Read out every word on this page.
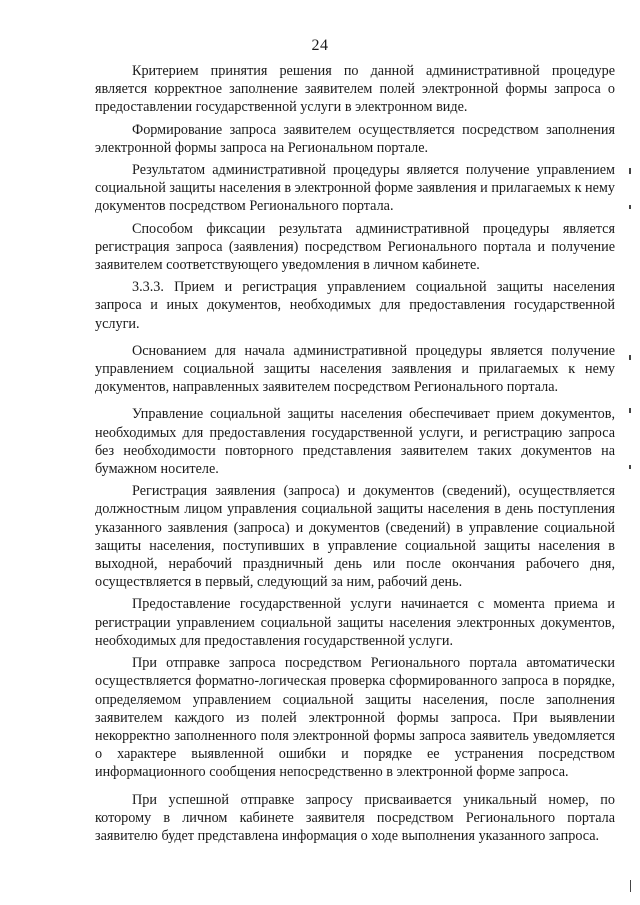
24

Критерием принятия решения по данной административной процедуре является корректное заполнение заявителем полей электронной формы запроса о предоставлении государственной услуги в электронном виде.

Формирование запроса заявителем осуществляется посредством заполнения электронной формы запроса на Региональном портале.

Результатом административной процедуры является получение управлением социальной защиты населения в электронной форме заявления и прилагаемых к нему документов посредством Регионального портала.

Способом фиксации результата административной процедуры является регистрация запроса (заявления) посредством Регионального портала и получение заявителем соответствующего уведомления в личном кабинете.

3.3.3. Прием и регистрация управлением социальной защиты населения запроса и иных документов, необходимых для предоставления государственной услуги.

Основанием для начала административной процедуры является получение управлением социальной защиты населения заявления и прилагаемых к нему документов, направленных заявителем посредством Регионального портала.

Управление социальной защиты населения обеспечивает прием документов, необходимых для предоставления государственной услуги, и регистрацию запроса без необходимости повторного представления заявителем таких документов на бумажном носителе.

Регистрация заявления (запроса) и документов (сведений), осуществляется должностным лицом управления социальной защиты населения в день поступления указанного заявления (запроса) и документов (сведений) в управление социальной защиты населения, поступивших в управление социальной защиты населения в выходной, нерабочий праздничный день или после окончания рабочего дня, осуществляется в первый, следующий за ним, рабочий день.

Предоставление государственной услуги начинается с момента приема и регистрации управлением социальной защиты населения электронных документов, необходимых для предоставления государственной услуги.

При отправке запроса посредством Регионального портала автоматически осуществляется форматно-логическая проверка сформированного запроса в порядке, определяемом управлением социальной защиты населения, после заполнения заявителем каждого из полей электронной формы запроса. При выявлении некорректно заполненного поля электронной формы запроса заявитель уведомляется о характере выявленной ошибки и порядке ее устранения посредством информационного сообщения непосредственно в электронной форме запроса.

При успешной отправке запросу присваивается уникальный номер, по которому в личном кабинете заявителя посредством Регионального портала заявителю будет представлена информация о ходе выполнения указанного запроса.
